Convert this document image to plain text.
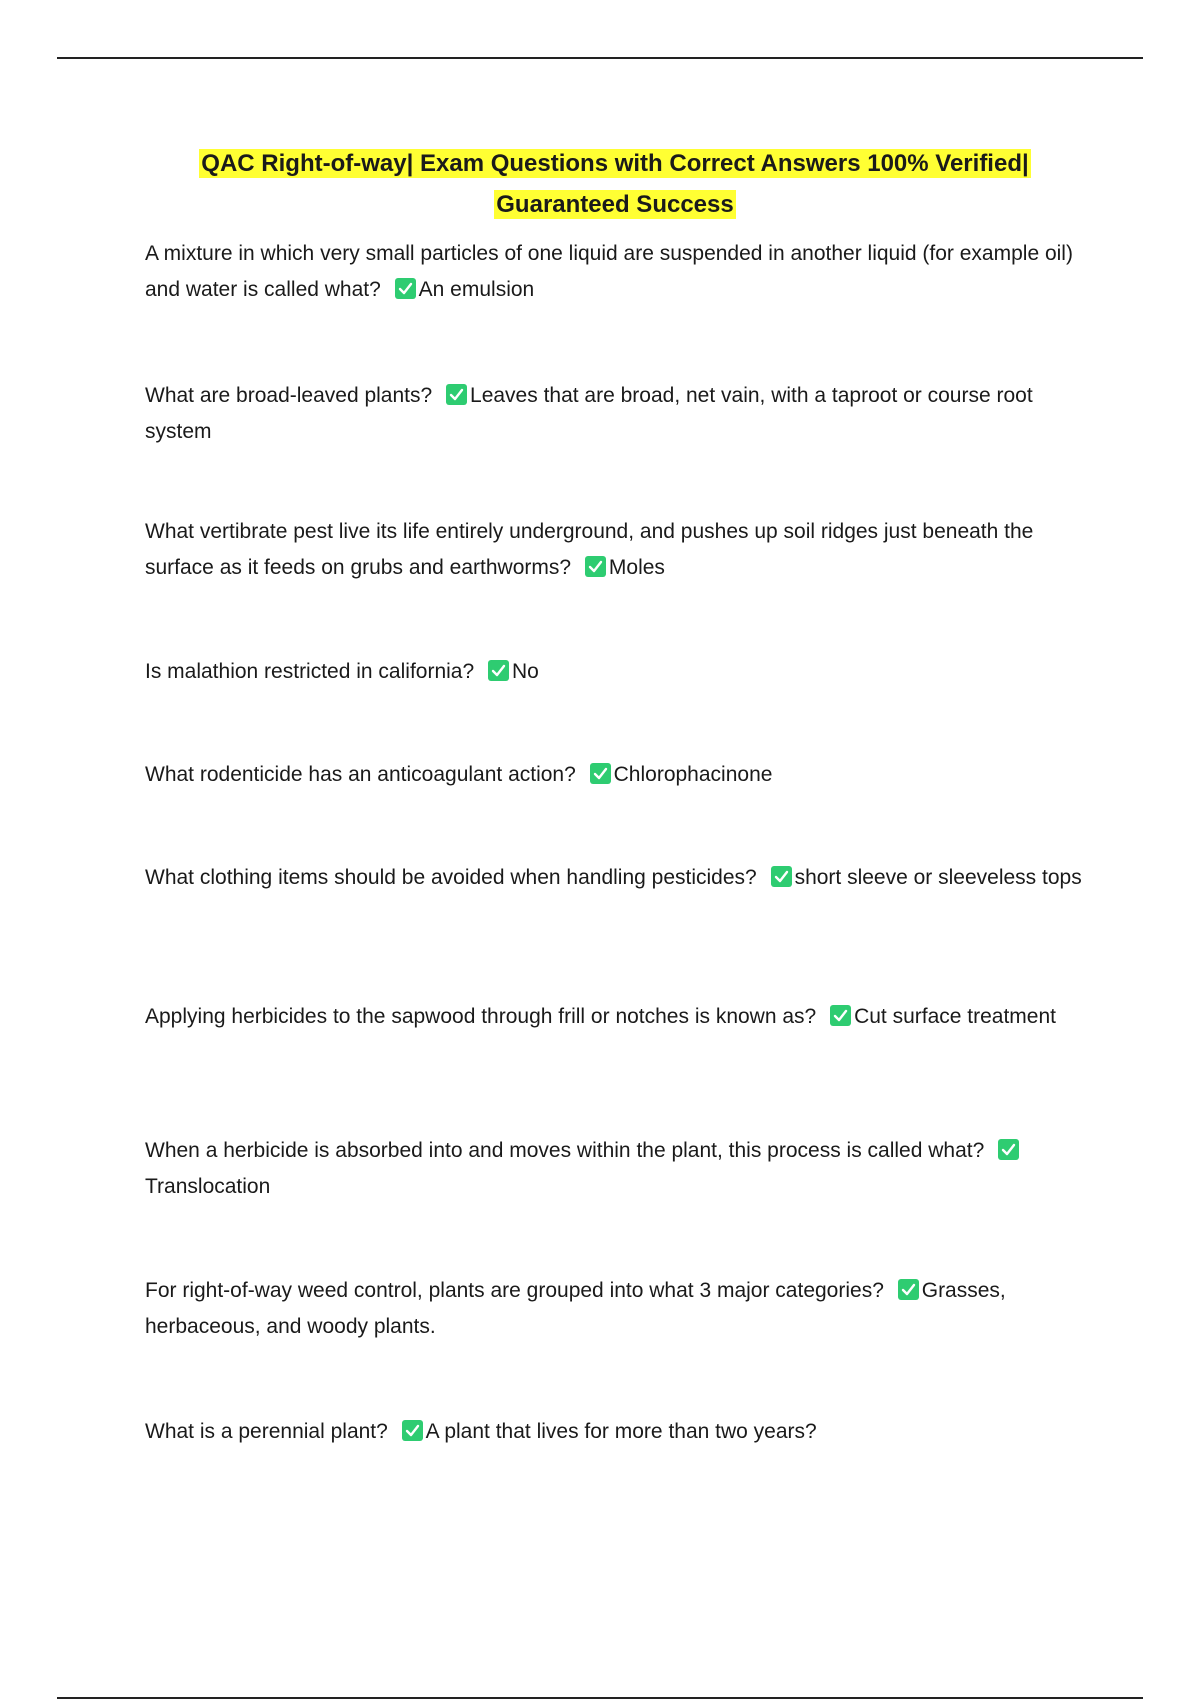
QAC Right-of-way| Exam Questions with Correct Answers 100% Verified|
Guaranteed Success
A mixture in which very small particles of one liquid are suspended in another liquid (for example oil) and water is called what? An emulsion
What are broad-leaved plants? Leaves that are broad, net vain, with a taproot or course root system
What vertibrate pest live its life entirely underground, and pushes up soil ridges just beneath the surface as it feeds on grubs and earthworms? Moles
Is malathion restricted in california? No
What rodenticide has an anticoagulant action? Chlorophacinone
What clothing items should be avoided when handling pesticides? short sleeve or sleeveless tops
Applying herbicides to the sapwood through frill or notches is known as? Cut surface treatment
When a herbicide is absorbed into and moves within the plant, this process is called what?
Translocation
For right-of-way weed control, plants are grouped into what 3 major categories? Grasses, herbaceous, and woody plants.
What is a perennial plant? A plant that lives for more than two years?
